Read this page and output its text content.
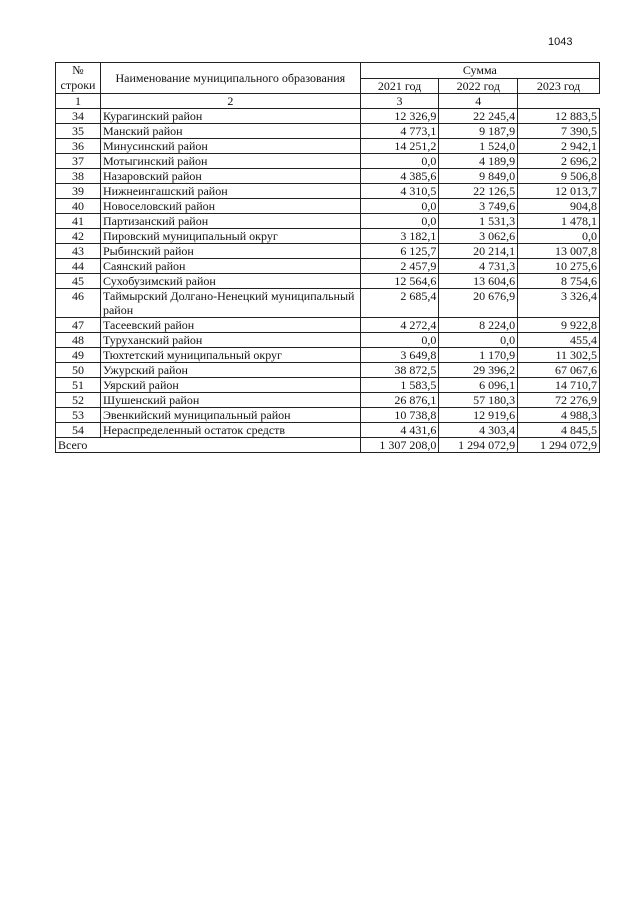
1043
№ строки	Наименование муниципального образования	Сумма		
		2021 год	2022 год	2023 год
1	2	3	4
34	Курагинский район	12 326,9	22 245,4	12 883,5
35	Манский район	4 773,1	9 187,9	7 390,5
36	Минусинский район	14 251,2	1 524,0	2 942,1
37	Мотыгинский район	0,0	4 189,9	2 696,2
38	Назаровский район	4 385,6	9 849,0	9 506,8
39	Нижнеингашский район	4 310,5	22 126,5	12 013,7
40	Новоселовский район	0,0	3 749,6	904,8
41	Партизанский район	0,0	1 531,3	1 478,1
42	Пировский муниципальный округ	3 182,1	3 062,6	0,0
43	Рыбинский район	6 125,7	20 214,1	13 007,8
44	Саянский район	2 457,9	4 731,3	10 275,6
45	Сухобузимский район	12 564,6	13 604,6	8 754,6
46	Таймырский Долгано-Ненецкий муниципальный район	2 685,4	20 676,9	3 326,4
47	Тасеевский район	4 272,4	8 224,0	9 922,8
48	Туруханский район	0,0	0,0	455,4
49	Тюхтетский муниципальный округ	3 649,8	1 170,9	11 302,5
50	Ужурский район	38 872,5	29 396,2	67 067,6
51	Уярский район	1 583,5	6 096,1	14 710,7
52	Шушенский район	26 876,1	57 180,3	72 276,9
53	Эвенкийский муниципальный район	10 738,8	12 919,6	4 988,3
54	Нераспределенный остаток средств	4 431,6	4 303,4	4 845,5
Всего		1 307 208,0	1 294 072,9	1 294 072,9
